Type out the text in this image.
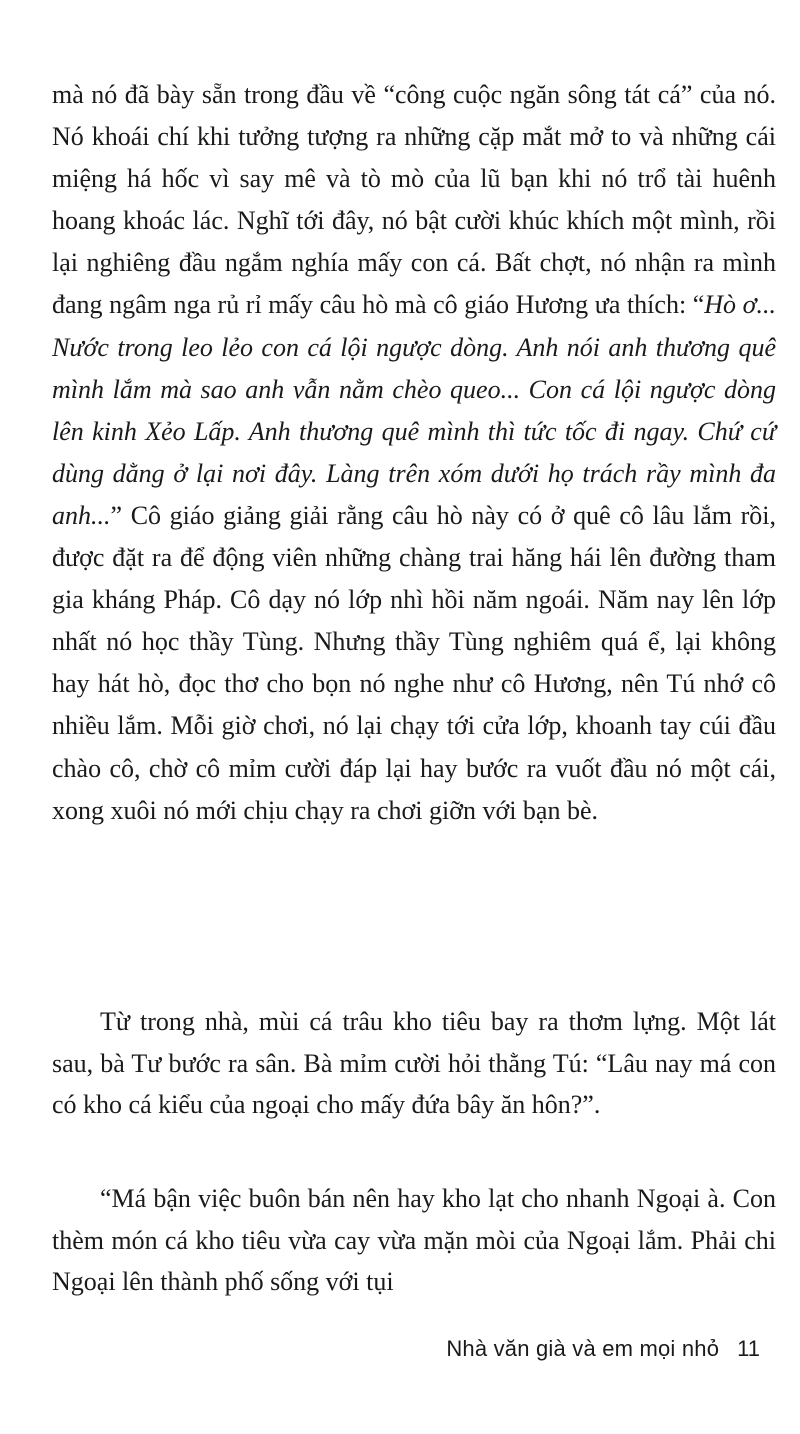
mà nó đã bày sẵn trong đầu về “công cuộc ngăn sông tát cá” của nó. Nó khoái chí khi tưởng tượng ra những cặp mắt mở to và những cái miệng há hốc vì say mê và tò mò của lũ bạn khi nó trổ tài huênh hoang khoác lác. Nghĩ tới đây, nó bật cười khúc khích một mình, rồi lại nghiêng đầu ngắm nghía mấy con cá. Bất chợt, nó nhận ra mình đang ngâm nga rủ rỉ mấy câu hò mà cô giáo Hương ưa thích: “Hò ơ... Nước trong leo lẻo con cá lội ngược dòng. Anh nói anh thương quê mình lắm mà sao anh vẫn nằm chèo queo... Con cá lội ngược dòng lên kinh Xẻo Lấp. Anh thương quê mình thì tức tốc đi ngay. Chứ cứ dùng dằng ở lại nơi đây. Làng trên xóm dưới họ trách rầy mình đa anh...” Cô giáo giảng giải rằng câu hò này có ở quê cô lâu lắm rồi, được đặt ra để động viên những chàng trai hăng hái lên đường tham gia kháng Pháp. Cô dạy nó lớp nhì hồi năm ngoái. Năm nay lên lớp nhất nó học thầy Tùng. Nhưng thầy Tùng nghiêm quá ể, lại không hay hát hò, đọc thơ cho bọn nó nghe như cô Hương, nên Tú nhớ cô nhiều lắm. Mỗi giờ chơi, nó lại chạy tới cửa lớp, khoanh tay cúi đầu chào cô, chờ cô mỉm cười đáp lại hay bước ra vuốt đầu nó một cái, xong xuôi nó mới chịu chạy ra chơi giỡn với bạn bè.

Từ trong nhà, mùi cá trâu kho tiêu bay ra thơm lựng. Một lát sau, bà Tư bước ra sân. Bà mỉm cười hỏi thằng Tú: “Lâu nay má con có kho cá kiểu của ngoại cho mấy đứa bây ăn hôn?”.

“Má bận việc buôn bán nên hay kho lạt cho nhanh Ngoại à. Con thèm món cá kho tiêu vừa cay vừa mặn mòi của Ngoại lắm. Phải chi Ngoại lên thành phố sống với tụi

Nhà văn già và em mọi nhỏ 11
